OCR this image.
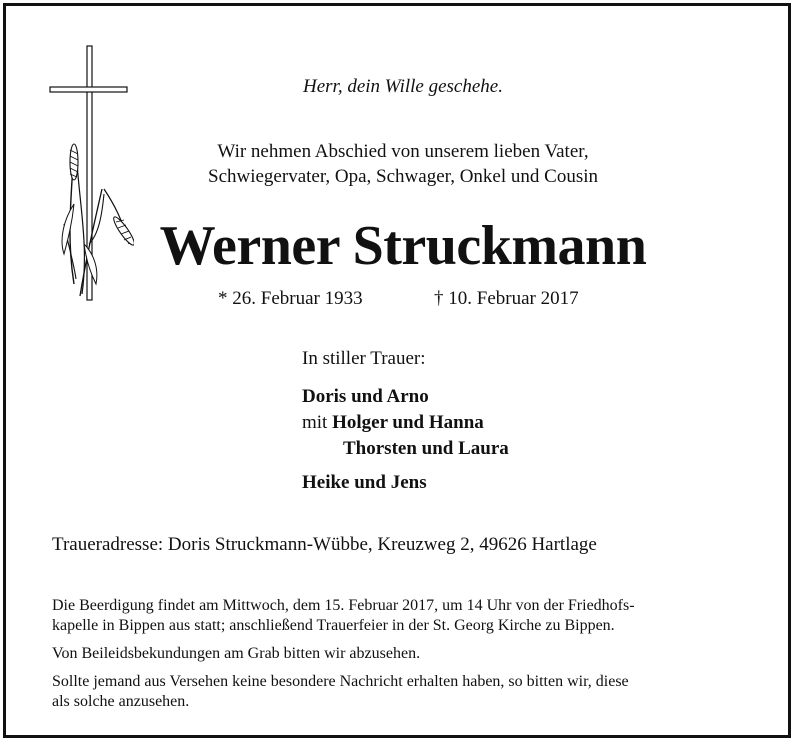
Herr, dein Wille geschehe.
Wir nehmen Abschied von unserem lieben Vater,
Schwiegervater, Opa, Schwager, Onkel und Cousin
Werner Struckmann
* 26. Februar 1933	† 10. Februar 2017
In stiller Trauer:
Doris und Arno
mit Holger und Hanna
Thorsten und Laura
Heike und Jens
Traueradresse: Doris Struckmann-Wübbe, Kreuzweg 2, 49626 Hartlage

Die Beerdigung findet am Mittwoch, dem 15. Februar 2017, um 14 Uhr von der Friedhofs-
kapelle in Bippen aus statt; anschließend Trauerfeier in der St. Georg Kirche zu Bippen.

Von Beileidsbekundungen am Grab bitten wir abzusehen.

Sollte jemand aus Versehen keine besondere Nachricht erhalten haben, so bitten wir, diese
als solche anzusehen.
